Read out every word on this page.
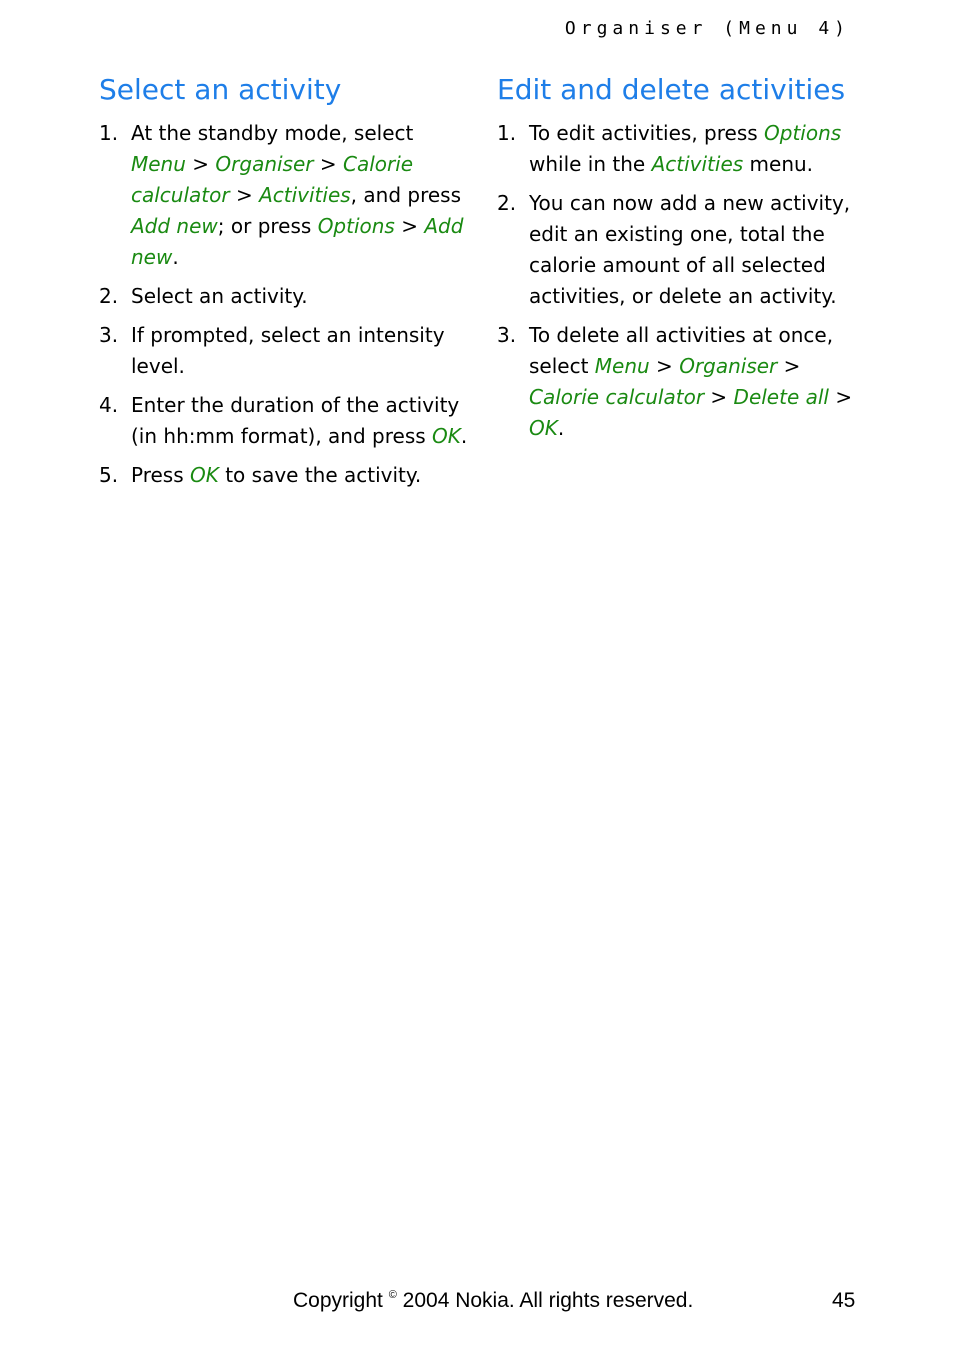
Organiser (Menu 4)
Select an activity
1. At the standby mode, select Menu > Organiser > Calorie calculator > Activities, and press Add new; or press Options > Add new.
2. Select an activity.
3. If prompted, select an intensity level.
4. Enter the duration of the activity (in hh:mm format), and press OK.
5. Press OK to save the activity.
Edit and delete activities
1. To edit activities, press Options while in the Activities menu.
2. You can now add a new activity, edit an existing one, total the calorie amount of all selected activities, or delete an activity.
3. To delete all activities at once, select Menu > Organiser > Calorie calculator > Delete all > OK.
Copyright © 2004 Nokia. All rights reserved.	45
